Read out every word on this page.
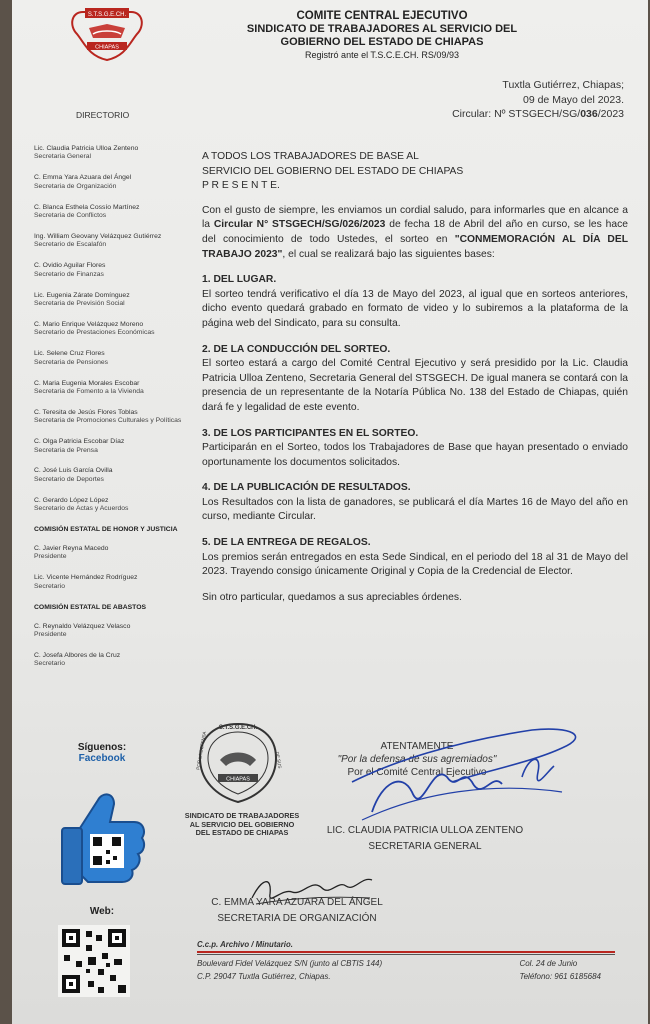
S.T.S.G.E.CH.
CHIAPAS
COMITE CENTRAL EJECUTIVO
SINDICATO DE TRABAJADORES AL SERVICIO DEL
GOBIERNO DEL ESTADO DE CHIAPAS
Registró ante el T.S.C.E.CH. RS/09/93
Tuxtla Gutiérrez, Chiapas;
09 de Mayo del 2023.
Circular: Nº STSGECH/SG/036/2023
DIRECTORIO
Lic. Claudia Patricia Ulloa Zenteno
Secretaria General
C. Emma Yara Azuara del Ángel
Secretaria de Organización
C. Blanca Esthela Cossío Martínez
Secretaria de Conflictos
Ing. William Geovany Velázquez Gutiérrez
Secretario de Escalafón
C. Ovidio Aguilar Flores
Secretario de Finanzas
Lic. Eugenia Zárate Domínguez
Secretaria de Previsión Social
C. Mario Enrique Velázquez Moreno
Secretario de Prestaciones Económicas
Lic. Selene Cruz Flores
Secretaria de Pensiones
C. Maria Eugenia Morales Escobar
Secretaria de Fomento a la Vivienda
C. Teresita de Jesús Flores Toblas
Secretaria de Promociones Culturales y Políticas
C. Olga Patricia Escobar Díaz
Secretaria de Prensa
C. José Luis García Ovilla
Secretario de Deportes
C. Gerardo López López
Secretario de Actas y Acuerdos
COMISIÓN ESTATAL DE HONOR Y JUSTICIA
C. Javier Reyna Macedo
Presidente
Lic. Vicente Hernández Rodríguez
Secretario
COMISIÓN ESTATAL DE ABASTOS
C. Reynaldo Velázquez Velasco
Presidente
C. Josefa Albores de la Cruz
Secretario
Síguenos:
Facebook
Web:

A TODOS LOS TRABAJADORES DE BASE AL
SERVICIO DEL GOBIERNO DEL ESTADO DE CHIAPAS
P R E S E N T E.

Con el gusto de siempre, les enviamos un cordial saludo, para informarles que en alcance a la Circular N° STSGECH/SG/026/2023 de fecha 18 de Abril del año en curso, se les hace del conocimiento de todo Ustedes, el sorteo en "CONMEMORACIÓN AL DÍA DEL TRABAJO 2023", el cual se realizará bajo las siguientes bases:

1. DEL LUGAR.
El sorteo tendrá verificativo el día 13 de Mayo del 2023, al igual que en sorteos anteriores, dicho evento quedará grabado en formato de video y lo subiremos a la plataforma de la página web del Sindicato, para su consulta.

2. DE LA CONDUCCIÓN DEL SORTEO.
El sorteo estará a cargo del Comité Central Ejecutivo y será presidido por la Lic. Claudia Patricia Ulloa Zenteno, Secretaria General del STSGECH. De igual manera se contará con la presencia de un representante de la Notaría Pública No. 138 del Estado de Chiapas, quién dará fe y legalidad de este evento.

3. DE LOS PARTICIPANTES EN EL SORTEO.
Participarán en el Sorteo, todos los Trabajadores de Base que hayan presentado o enviado oportunamente los documentos solicitados.

4. DE LA PUBLICACIÓN DE RESULTADOS.
Los Resultados con la lista de ganadores, se publicará el día Martes 16 de Mayo del año en curso, mediante Circular.

5. DE LA ENTREGA DE REGALOS.
Los premios serán entregados en esta Sede Sindical, en el periodo del 18 al 31 de Mayo del 2023. Trayendo consigo únicamente Original y Copia de la Credencial de Elector.

Sin otro particular, quedamos a sus apreciables órdenes.

S.T.S.G.E.CH.
CHIAPAS
POR LA DEFENSA	DE SUS
SINDICATO DE TRABAJADORES
AL SERVICIO DEL GOBIERNO
DEL ESTADO DE CHIAPAS
ATENTAMENTE
"Por la defensa de sus agremiados"
Por el Comité Central Ejecutivo
LIC. CLAUDIA PATRICIA ULLOA ZENTENO
SECRETARIA GENERAL
C. EMMA YARA AZUARA DEL ÁNGEL
SECRETARIA DE ORGANIZACIÓN
C.c.p. Archivo / Minutario.
Boulevard Fidel Velázquez S/N (junto al CBTIS 144)
C.P. 29047 Tuxtla Gutiérrez, Chiapas.
Col. 24 de Junio
Teléfono: 961 6185684
